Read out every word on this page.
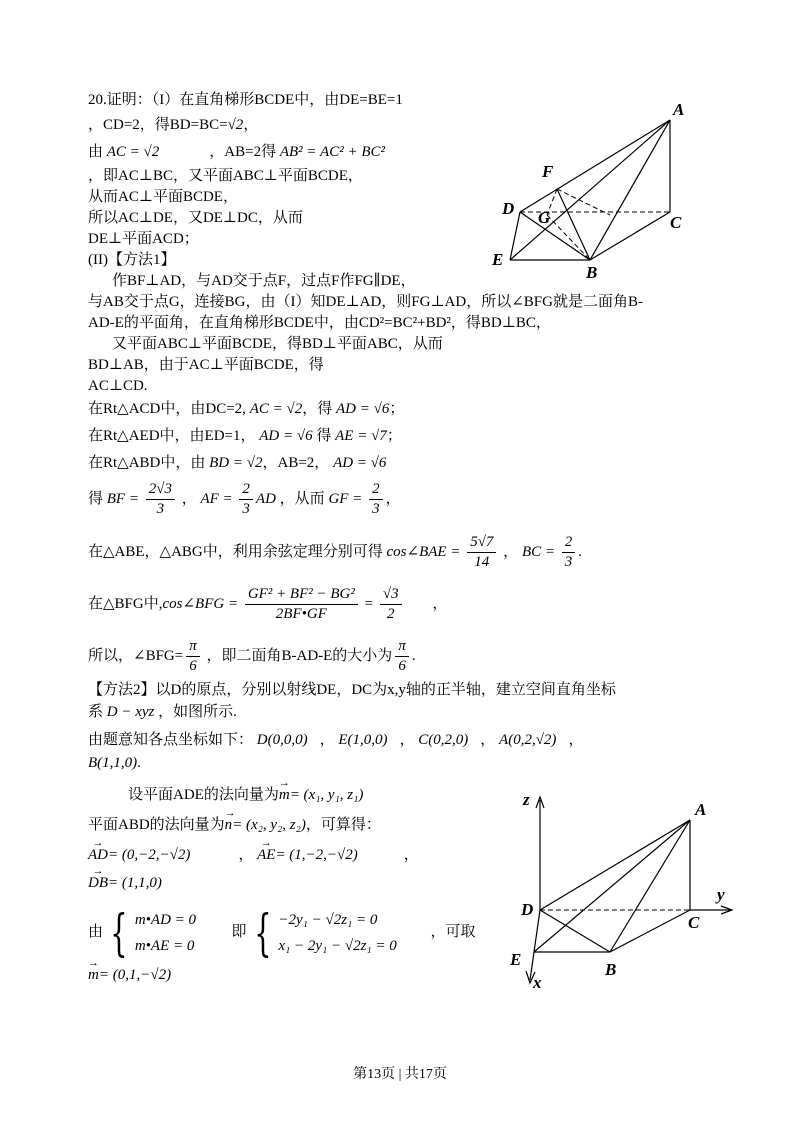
A
F
D G	C
E
B
z
A
y
D
C
E
x
B
20.证明：（I）在直角梯形BCDE中，由DE=BE=1
，CD=2，得BD=BC=√2，
由 AC = √2	，AB=2得 AB² = AC² + BC²
，即AC⊥BC，又平面ABC⊥平面BCDE，
从而AC⊥平面BCDE，
所以AC⊥DE，又DE⊥DC，从而
DE⊥平面ACD；
(II)【方法1】
作BF⊥AD，与AD交于点F，过点F作FG∥DE，
与AB交于点G，连接BG，由（I）知DE⊥AD，则FG⊥AD，所以∠BFG就是二面角B-
AD-E的平面角，在直角梯形BCDE中，由CD²=BC²+BD²，得BD⊥BC，
又平面ABC⊥平面BCDE，得BD⊥平面ABC，从而
BD⊥AB，由于AC⊥平面BCDE，得
AC⊥CD.
在Rt△ACD中，由DC=2, AC = √2，得 AD = √6；
在Rt△AED中，由ED=1， AD = √6 得 AE = √7；
在Rt△ABD中，由 BD = √2，AB=2， AD = √6
得 BF = $\frac{2√3}{3}$ ， AF = $\frac{2}{3}$ AD ，从而 GF = $\frac{2}{3}$ ，
在△ABE，△ABG中，利用余弦定理分别可得 cos∠BAE = $\frac{5√7}{14}$ ， BC = $\frac{2}{3}$ .
在△BFG中,cos∠BFG = $\frac{\text{GF² + BF² − BG²}}{2BF•GF} = \frac{√3}{2}$ ，
所以，∠BFG= $\frac{\pi}{6}$ ，即二面角B-AD-E的大小为 $\frac{\pi}{6}$ .
【方法2】以D的原点，分别以射线DE，DC为x,y轴的正半轴，建立空间直角坐标
系 D − xyz ，如图所示.
由题意知各点坐标如下： D(0,0,0) ， E(1,0,0) ， C(0,2,0) ， A(0,2,√2) ，
B(1,1,0).
设平面ADE的法向量为→ m= (x₁, y₁, z₁)
平面ABD的法向量为→ n= (x₂, y₂, z₂)，可算得：
→ AD= (0,−2,−√2)	， → AE= (1,−2,−√2)	，
→ DB= (1,1,0)
由 { m•AD = 0
m•AE = 0
即 { −2y₁ − √2z₁ = 0
x₁ − 2y₁ − √2z₁ = 0
，可取
→ m= (0,1,−√2)
第13页 | 共17页
